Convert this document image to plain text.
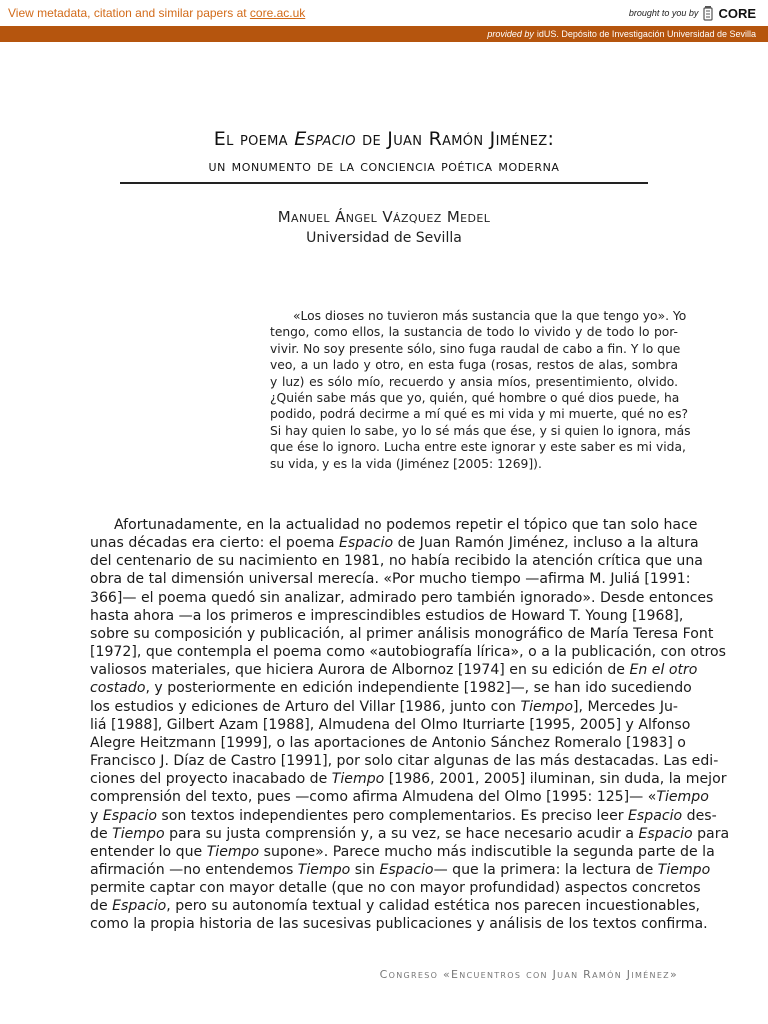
View metadata, citation and similar papers at core.ac.uk	brought to you by CORE
provided by idUS. Depósito de Investigación Universidad de Sevilla
El poema Espacio de Juan Ramón Jiménez:
un monumento de la conciencia poética moderna
Manuel Ángel Vázquez Medel
Universidad de Sevilla
«Los dioses no tuvieron más sustancia que la que tengo yo». Yo
tengo, como ellos, la sustancia de todo lo vivido y de todo lo por-
vivir. No soy presente sólo, sino fuga raudal de cabo a fin. Y lo que
veo, a un lado y otro, en esta fuga (rosas, restos de alas, sombra
y luz) es sólo mío, recuerdo y ansia míos, presentimiento, olvido.
¿Quién sabe más que yo, quién, qué hombre o qué dios puede, ha
podido, podrá decirme a mí qué es mi vida y mi muerte, qué no es?
Si hay quien lo sabe, yo lo sé más que ése, y si quien lo ignora, más
que ése lo ignoro. Lucha entre este ignorar y este saber es mi vida,
su vida, y es la vida (Jiménez [2005: 1269]).
Afortunadamente, en la actualidad no podemos repetir el tópico que tan solo hace
unas décadas era cierto: el poema Espacio de Juan Ramón Jiménez, incluso a la altura
del centenario de su nacimiento en 1981, no había recibido la atención crítica que una
obra de tal dimensión universal merecía. «Por mucho tiempo —afirma M. Juliá [1991:
366]— el poema quedó sin analizar, admirado pero también ignorado». Desde entonces
hasta ahora —a los primeros e imprescindibles estudios de Howard T. Young [1968],
sobre su composición y publicación, al primer análisis monográfico de María Teresa Font
[1972], que contempla el poema como «autobiografía lírica», o a la publicación, con otros
valiosos materiales, que hiciera Aurora de Albornoz [1974] en su edición de En el otro
costado, y posteriormente en edición independiente [1982]—, se han ido sucediendo
los estudios y ediciones de Arturo del Villar [1986, junto con Tiempo], Mercedes Ju-
liá [1988], Gilbert Azam [1988], Almudena del Olmo Iturriarte [1995, 2005] y Alfonso
Alegre Heitzmann [1999], o las aportaciones de Antonio Sánchez Romeralo [1983] o
Francisco J. Díaz de Castro [1991], por solo citar algunas de las más destacadas. Las edi-
ciones del proyecto inacabado de Tiempo [1986, 2001, 2005] iluminan, sin duda, la mejor
comprensión del texto, pues —como afirma Almudena del Olmo [1995: 125]— «Tiempo
y Espacio son textos independientes pero complementarios. Es preciso leer Espacio des-
de Tiempo para su justa comprensión y, a su vez, se hace necesario acudir a Espacio para
entender lo que Tiempo supone». Parece mucho más indiscutible la segunda parte de la
afirmación —no entendemos Tiempo sin Espacio— que la primera: la lectura de Tiempo
permite captar con mayor detalle (que no con mayor profundidad) aspectos concretos
de Espacio, pero su autonomía textual y calidad estética nos parecen incuestionables,
como la propia historia de las sucesivas publicaciones y análisis de los textos confirma.
Congreso «Encuentros con Juan Ramón Jiménez»
